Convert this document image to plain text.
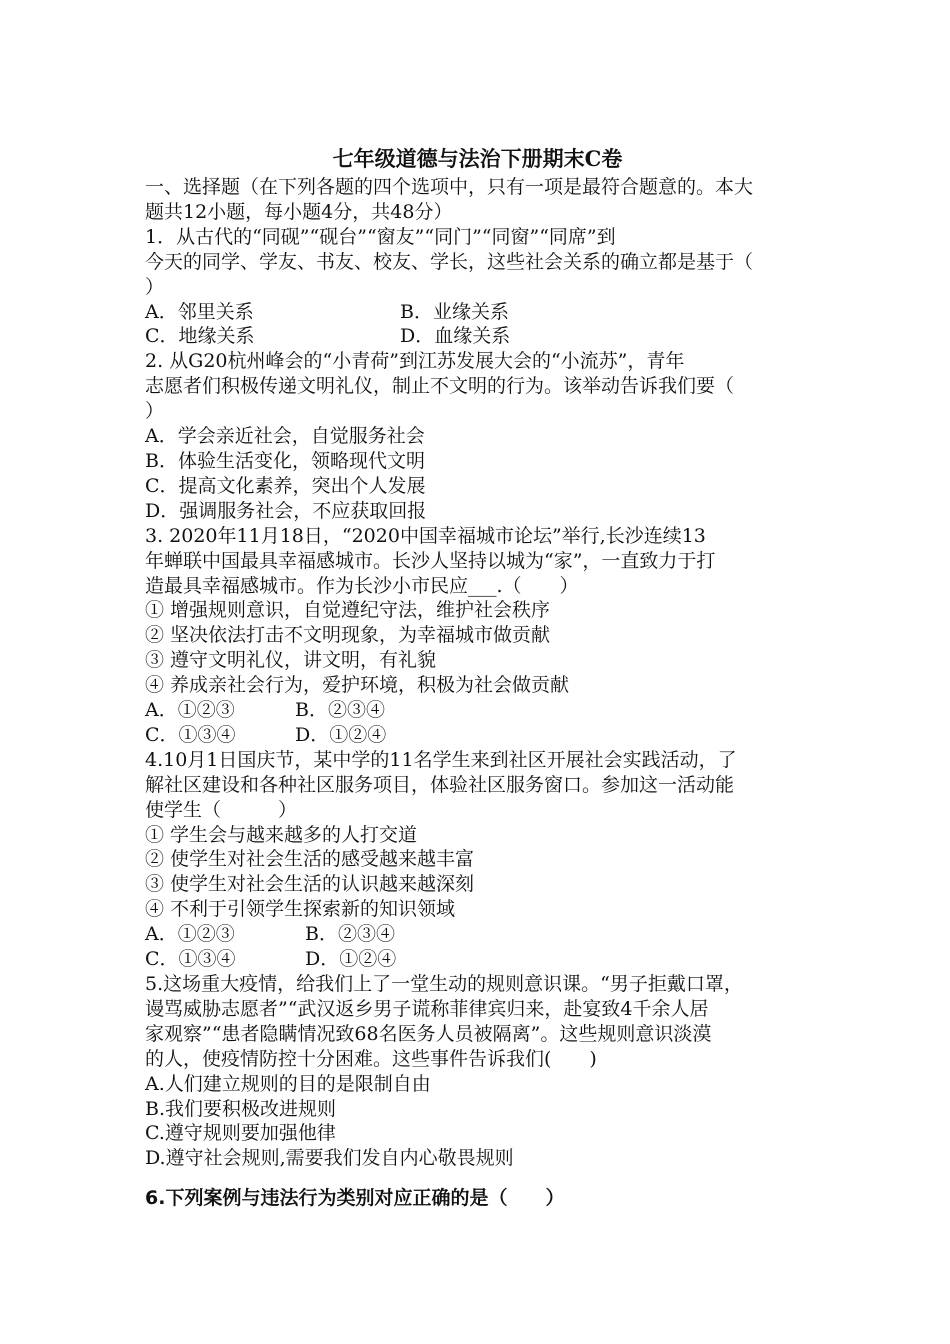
七年级道德与法治下册期末C卷
一、选择题（在下列各题的四个选项中，只有一项是最符合题意的。本大
题共12小题，每小题4分，共48分）
1．从古代的“同砚”“砚台”“窗友”“同门”“同窗”“同席”到
今天的同学、学友、书友、校友、学长，这些社会关系的确立都是基于（
）
A．邻里关系	B．业缘关系
C．地缘关系	D．血缘关系
2. 从G20杭州峰会的“小青荷”到江苏发展大会的“小流苏”，青年
志愿者们积极传递文明礼仪，制止不文明的行为。该举动告诉我们要（
）
A．学会亲近社会，自觉服务社会
B．体验生活变化，领略现代文明
C．提高文化素养，突出个人发展
D．强调服务社会，不应获取回报
3. 2020年11月18日，“2020中国幸福城市论坛”举行,长沙连续13
年蝉联中国最具幸福感城市。长沙人坚持以城为“家”，一直致力于打
造最具幸福感城市。作为长沙小市民应___.（　　）
① 增强规则意识，自觉遵纪守法，维护社会秩序
② 坚决依法打击不文明现象，为幸福城市做贡献
③ 遵守文明礼仪，讲文明，有礼貌
④ 养成亲社会行为，爱护环境，积极为社会做贡献
A．①②③	B．②③④
C．①③④	D．①②④
4.10月1日国庆节，某中学的11名学生来到社区开展社会实践活动，了
解社区建设和各种社区服务项目，体验社区服务窗口。参加这一活动能
使学生（　　　）
① 学生会与越来越多的人打交道
② 使学生对社会生活的感受越来越丰富
③ 使学生对社会生活的认识越来越深刻
④ 不利于引领学生探索新的知识领域
A．①②③	B．②③④
C．①③④	D．①②④
5.这场重大疫情，给我们上了一堂生动的规则意识课。“男子拒戴口罩，
谩骂威胁志愿者”“武汉返乡男子谎称菲律宾归来，赴宴致4千余人居
家观察”“患者隐瞒情况致68名医务人员被隔离”。这些规则意识淡漠
的人，使疫情防控十分困难。这些事件告诉我们(　　)
A.人们建立规则的目的是限制自由
B.我们要积极改进规则
C.遵守规则要加强他律
D.遵守社会规则,需要我们发自内心敬畏规则
6.下列案例与违法行为类别对应正确的是（　　）
